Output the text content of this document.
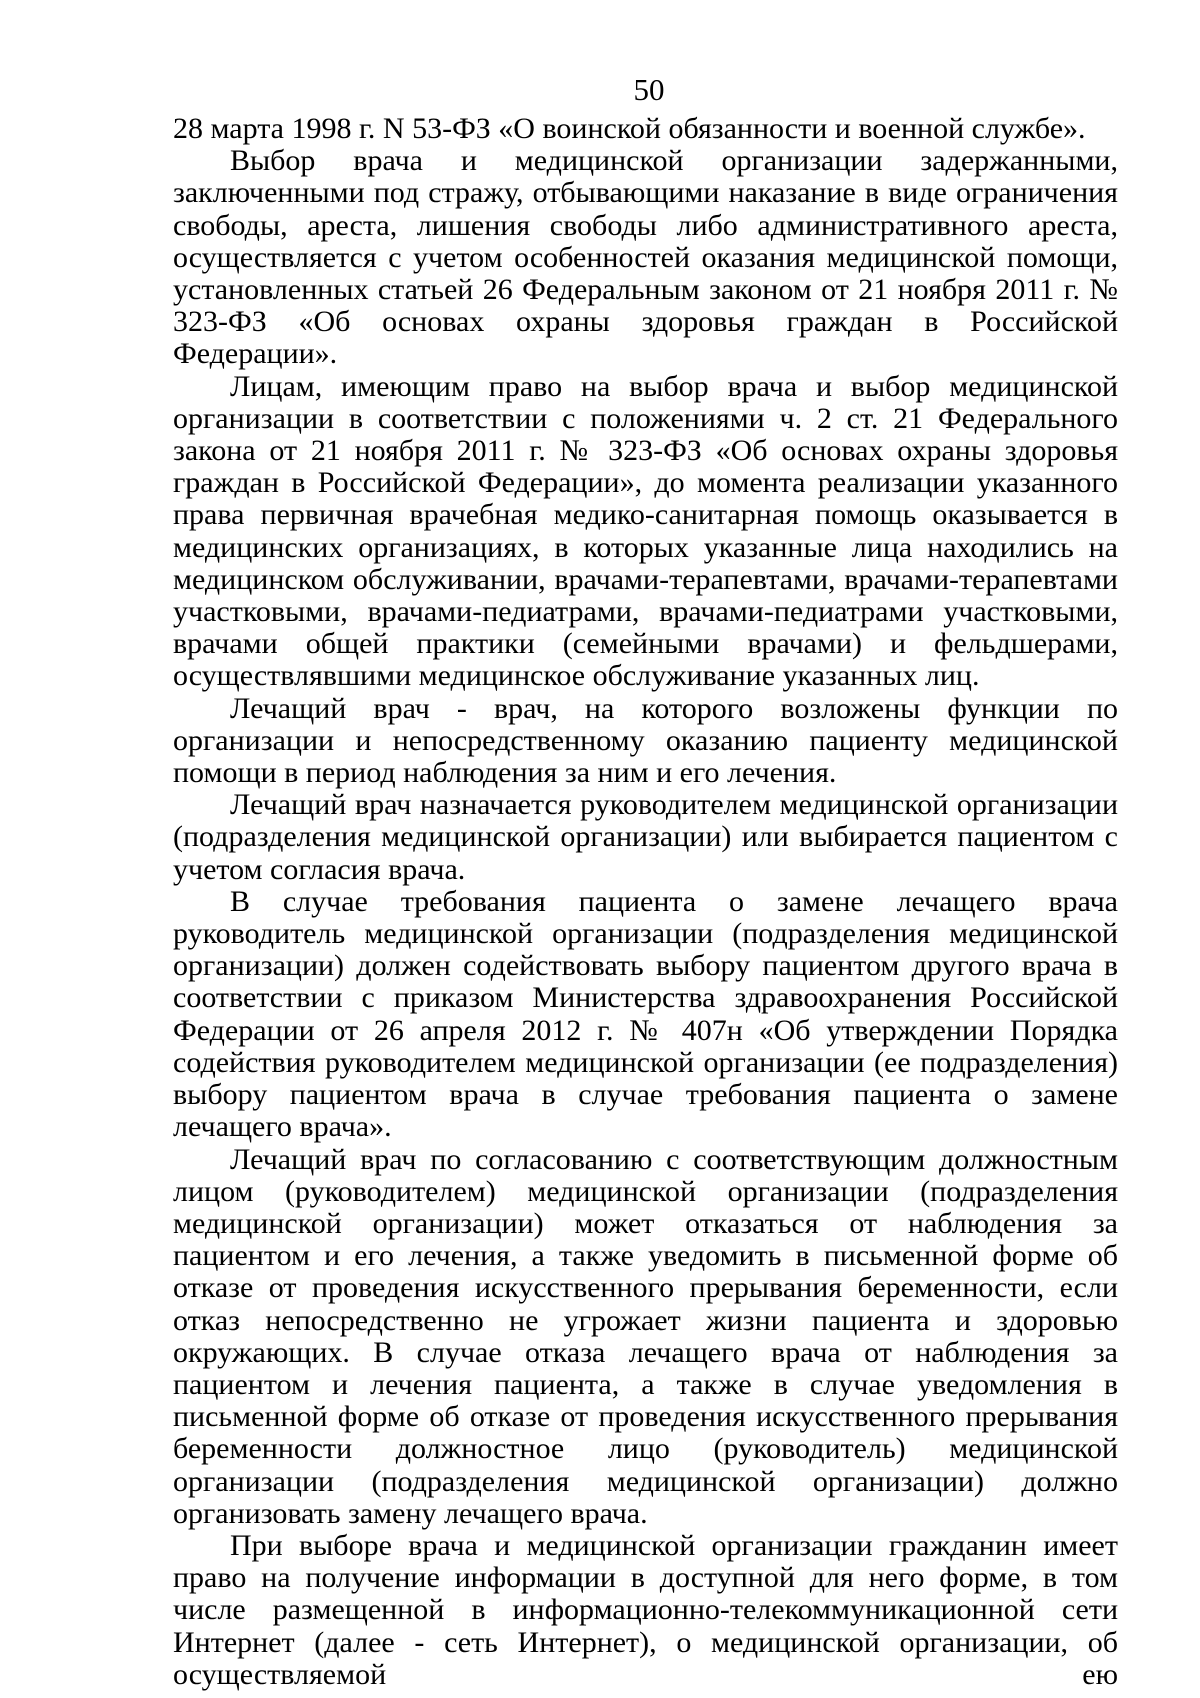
50

28 марта 1998 г. N 53-ФЗ «О воинской обязанности и военной службе».

Выбор врача и медицинской организации задержанными, заключенными под стражу, отбывающими наказание в виде ограничения свободы, ареста, лишения свободы либо административного ареста, осуществляется с учетом особенностей оказания медицинской помощи, установленных статьей 26 Федеральным законом от 21 ноября 2011 г. № 323-ФЗ «Об основах охраны здоровья граждан в Российской Федерации».

Лицам, имеющим право на выбор врача и выбор медицинской организации в соответствии с положениями ч. 2 ст. 21 Федерального закона от 21 ноября 2011 г. № 323-ФЗ «Об основах охраны здоровья граждан в Российской Федерации», до момента реализации указанного права первичная врачебная медико-санитарная помощь оказывается в медицинских организациях, в которых указанные лица находились на медицинском обслуживании, врачами-терапевтами, врачами-терапевтами участковыми, врачами-педиатрами, врачами-педиатрами участковыми, врачами общей практики (семейными врачами) и фельдшерами, осуществлявшими медицинское обслуживание указанных лиц.

Лечащий врач - врач, на которого возложены функции по организации и непосредственному оказанию пациенту медицинской помощи в период наблюдения за ним и его лечения.

Лечащий врач назначается руководителем медицинской организации (подразделения медицинской организации) или выбирается пациентом с учетом согласия врача.

В случае требования пациента о замене лечащего врача руководитель медицинской организации (подразделения медицинской организации) должен содействовать выбору пациентом другого врача в соответствии с приказом Министерства здравоохранения Российской Федерации от 26 апреля 2012 г. № 407н «Об утверждении Порядка содействия руководителем медицинской организации (ее подразделения) выбору пациентом врача в случае требования пациента о замене лечащего врача».

Лечащий врач по согласованию с соответствующим должностным лицом (руководителем) медицинской организации (подразделения медицинской организации) может отказаться от наблюдения за пациентом и его лечения, а также уведомить в письменной форме об отказе от проведения искусственного прерывания беременности, если отказ непосредственно не угрожает жизни пациента и здоровью окружающих. В случае отказа лечащего врача от наблюдения за пациентом и лечения пациента, а также в случае уведомления в письменной форме об отказе от проведения искусственного прерывания беременности должностное лицо (руководитель) медицинской организации (подразделения медицинской организации) должно организовать замену лечащего врача.

При выборе врача и медицинской организации гражданин имеет право на получение информации в доступной для него форме, в том числе размещенной в информационно-телекоммуникационной сети Интернет (далее - сеть Интернет), о медицинской организации, об осуществляемой ею
